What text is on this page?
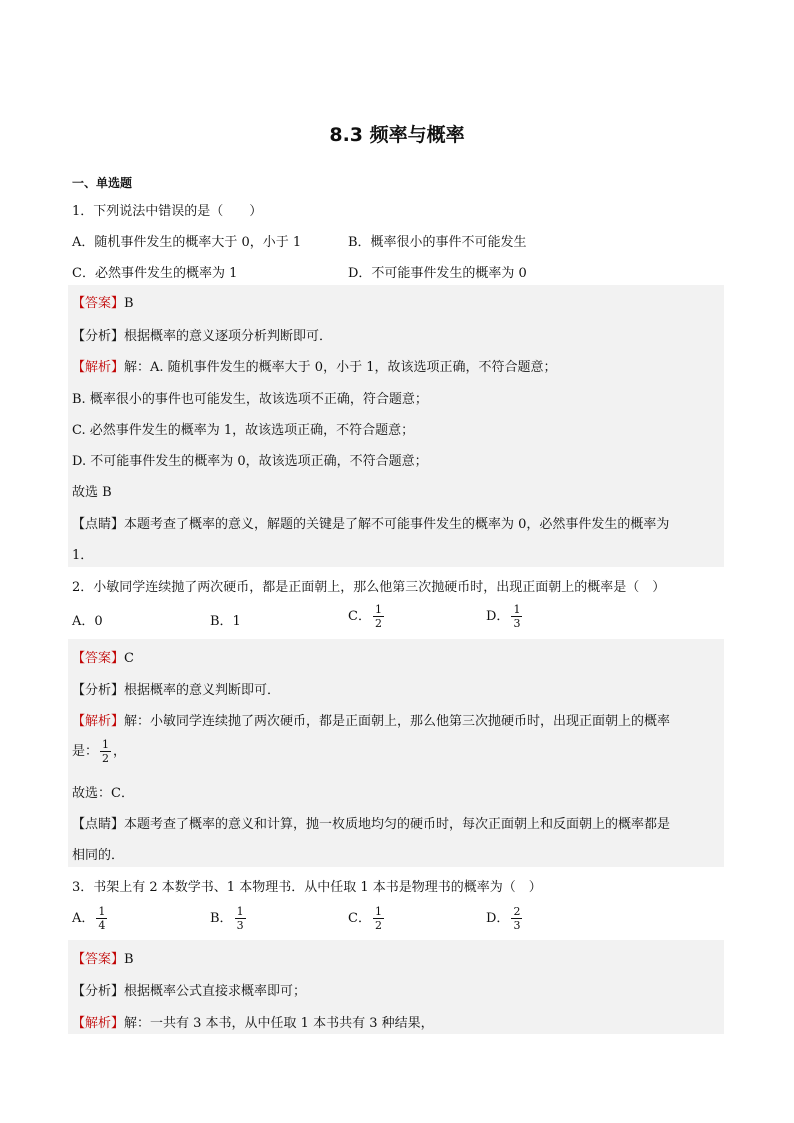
8.3 频率与概率
一、单选题
1．下列说法中错误的是（　　）
A．随机事件发生的概率大于 0，小于 1	B．概率很小的事件不可能发生
C．必然事件发生的概率为 1	D．不可能事件发生的概率为 0
【答案】B
【分析】根据概率的意义逐项分析判断即可．
【解析】解：A. 随机事件发生的概率大于 0，小于 1，故该选项正确，不符合题意；
B. 概率很小的事件也可能发生，故该选项不正确，符合题意；
C. 必然事件发生的概率为 1，故该选项正确，不符合题意；
D. 不可能事件发生的概率为 0，故该选项正确，不符合题意；
故选 B
【点睛】本题考查了概率的意义，解题的关键是了解不可能事件发生的概率为 0，必然事件发生的概率为
1．
2．小敏同学连续抛了两次硬币，都是正面朝上，那么他第三次抛硬币时，出现正面朝上的概率是（　）
A．0	B．1	C． $\frac{1}{2}$	D． $\frac{1}{3}$
【答案】C
【分析】根据概率的意义判断即可．
【解析】解：小敏同学连续抛了两次硬币，都是正面朝上，那么他第三次抛硬币时，出现正面朝上的概率
是： $\frac{1}{2}$ ，
故选：C．
【点睛】本题考查了概率的意义和计算，抛一枚质地均匀的硬币时，每次正面朝上和反面朝上的概率都是
相同的．
3．书架上有 2 本数学书、1 本物理书．从中任取 1 本书是物理书的概率为（　）
A． $\frac{1}{4}$	B． $\frac{1}{3}$	C． $\frac{1}{2}$	D． $\frac{2}{3}$
【答案】B
【分析】根据概率公式直接求概率即可；
【解析】解：一共有 3 本书，从中任取 1 本书共有 3 种结果，
